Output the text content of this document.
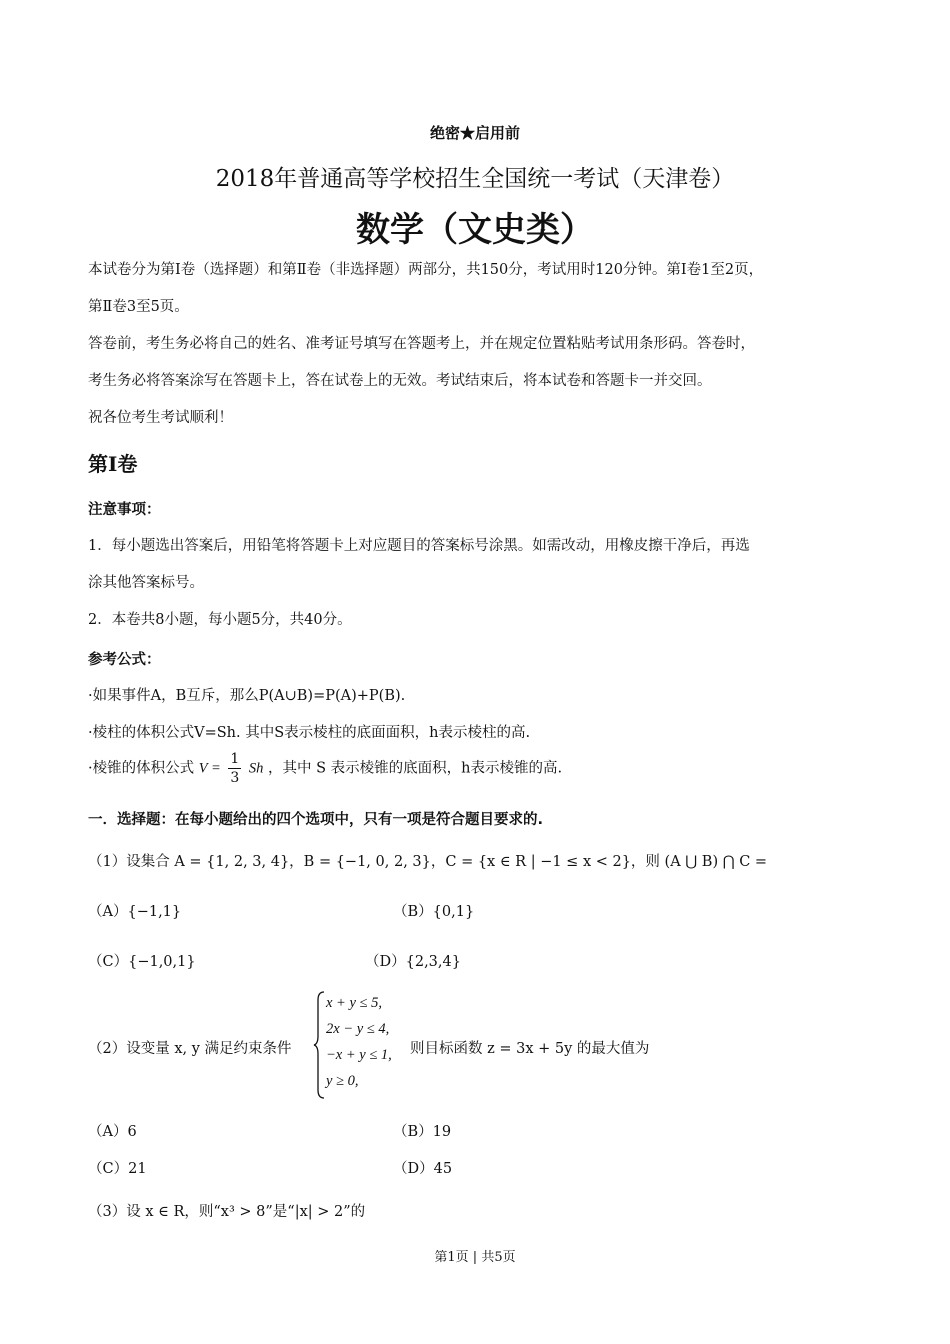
绝密★启用前
2018年普通高等学校招生全国统一考试（天津卷）
数学（文史类）
本试卷分为第Ⅰ卷（选择题）和第Ⅱ卷（非选择题）两部分，共150分，考试用时120分钟。第Ⅰ卷1至2页，
第Ⅱ卷3至5页。
答卷前，考生务必将自己的姓名、准考证号填写在答题考上，并在规定位置粘贴考试用条形码。答卷时，
考生务必将答案涂写在答题卡上，答在试卷上的无效。考试结束后，将本试卷和答题卡一并交回。
祝各位考生考试顺利！
第Ⅰ卷
注意事项：
1．每小题选出答案后，用铅笔将答题卡上对应题目的答案标号涂黑。如需改动，用橡皮擦干净后，再选
涂其他答案标号。
2．本卷共8小题，每小题5分，共40分。
参考公式：
·如果事件A，B互斥，那么P(A∪B)=P(A)+P(B).
·棱柱的体积公式V=Sh. 其中S表示棱柱的底面面积，h表示棱柱的高.
·棱锥的体积公式 $V = \frac{1}{3}$ Sh ，其中 S 表示棱锥的底面积，h表示棱锥的高.
一．选择题：在每小题给出的四个选项中，只有一项是符合题目要求的.
（1）设集合 A = {1, 2, 3, 4}，B = {−1, 0, 2, 3}，C = {x ∈ R | −1 ≤ x < 2}，则 (A ⋃ B) ⋂ C =
（A）{−1,1}	（B）{0,1}
（C）{−1,0,1}	（D）{2,3,4}
（2）设变量 x, y 满足约束条件
x + y ≤ 5,
2x − y ≤ 4,
−x + y ≤ 1,
y ≥ 0,
则目标函数 z = 3x + 5y 的最大值为
（A）6	（B）19
（C）21	（D）45
（3）设 x ∈ R，则“x³ > 8”是“|x| > 2”的
第1页 | 共5页
